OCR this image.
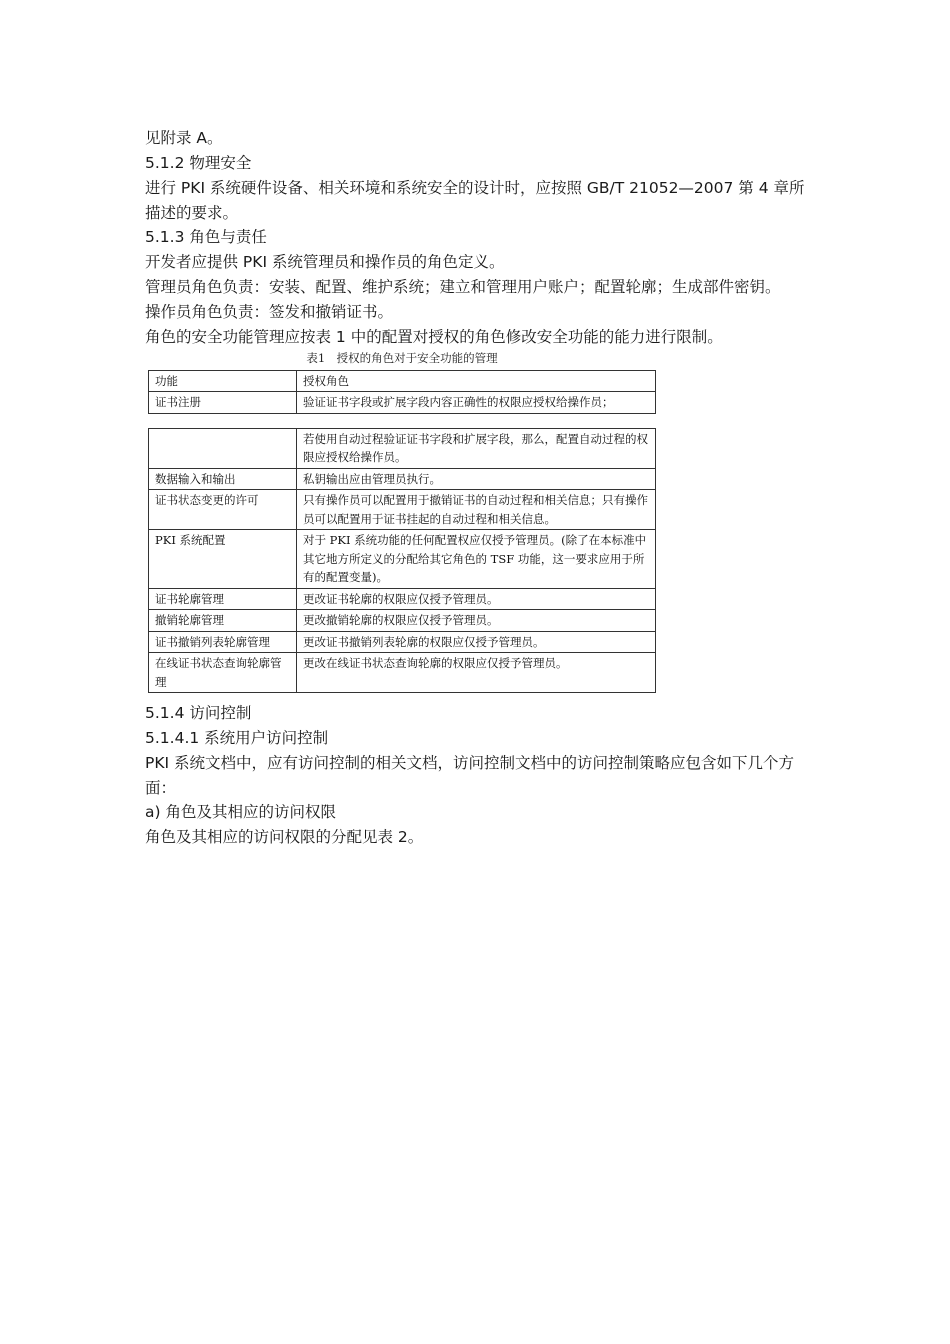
见附录 A。

5.1.2 物理安全

进行 PKI 系统硬件设备、相关环境和系统安全的设计时，应按照 GB/T 21052—2007 第 4 章所描述的要求。

5.1.3 角色与责任

开发者应提供 PKI 系统管理员和操作员的角色定义。

管理员角色负责：安装、配置、维护系统；建立和管理用户账户；配置轮廓；生成部件密钥。

操作员角色负责：签发和撤销证书。

角色的安全功能管理应按表 1 中的配置对授权的角色修改安全功能的能力进行限制。

表1　授权的角色对于安全功能的管理

功能	授权角色
证书注册	验证证书字段或扩展字段内容正确性的权限应授权给操作员；
	若使用自动过程验证证书字段和扩展字段，那么，配置自动过程的权限应授权给操作员。
数据输入和输出	私钥输出应由管理员执行。
证书状态变更的许可	只有操作员可以配置用于撤销证书的自动过程和相关信息；只有操作员可以配置用于证书挂起的自动过程和相关信息。
PKI 系统配置	对于 PKI 系统功能的任何配置权应仅授予管理员。(除了在本标准中其它地方所定义的分配给其它角色的 TSF 功能，这一要求应用于所有的配置变量)。
证书轮廓管理	更改证书轮廓的权限应仅授予管理员。
撤销轮廓管理	更改撤销轮廓的权限应仅授予管理员。
证书撤销列表轮廓管理	更改证书撤销列表轮廓的权限应仅授予管理员。
在线证书状态查询轮廓管理	更改在线证书状态查询轮廓的权限应仅授予管理员。

5.1.4 访问控制

5.1.4.1 系统用户访问控制

PKI 系统文档中，应有访问控制的相关文档，访问控制文档中的访问控制策略应包含如下几个方面：

a) 角色及其相应的访问权限

角色及其相应的访问权限的分配见表 2。
